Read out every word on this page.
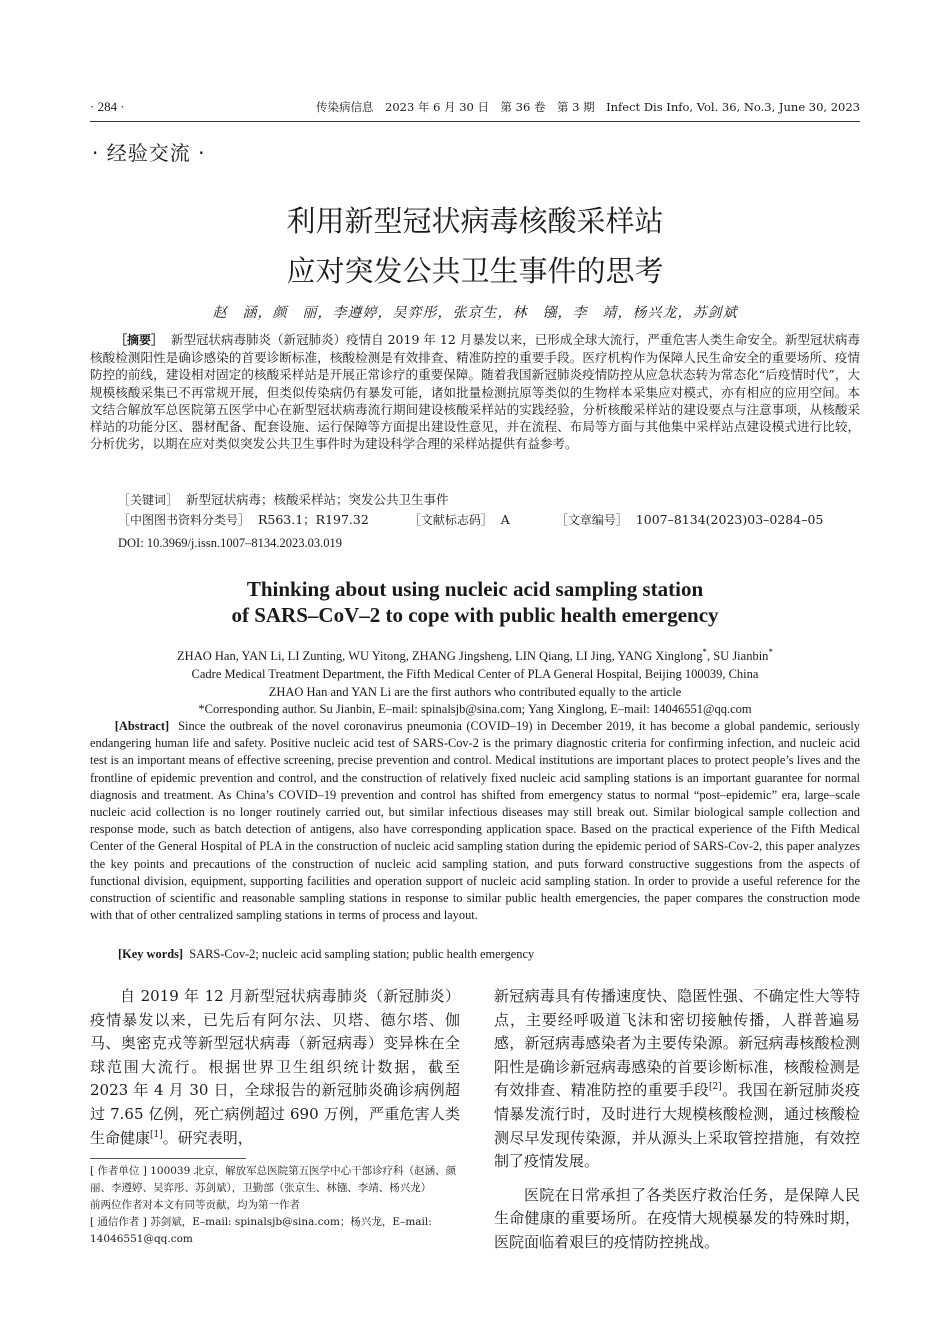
· 284 ·	传染病信息　2023 年 6 月 30 日　第 36 卷　第 3 期　Infect Dis Info, Vol. 36, No.3, June 30, 2023
· 经验交流 ·
利用新型冠状病毒核酸采样站
应对突发公共卫生事件的思考
赵　涵，颜　丽，李遵婷，吴弈彤，张京生，林　镪，李　靖，杨兴龙，苏剑斌

［摘要］ 新型冠状病毒肺炎（新冠肺炎）疫情自 2019 年 12 月暴发以来，已形成全球大流行，严重危害人类生命安全。新型冠状病毒核酸检测阳性是确诊感染的首要诊断标准，核酸检测是有效排查、精准防控的重要手段。医疗机构作为保障人民生命安全的重要场所、疫情防控的前线，建设相对固定的核酸采样站是开展正常诊疗的重要保障。随着我国新冠肺炎疫情防控从应急状态转为常态化“后疫情时代”，大规模核酸采集已不再常规开展，但类似传染病仍有暴发可能，诸如批量检测抗原等类似的生物样本采集应对模式，亦有相应的应用空间。本文结合解放军总医院第五医学中心在新型冠状病毒流行期间建设核酸采样站的实践经验，分析核酸采样站的建设要点与注意事项，从核酸采样站的功能分区、器材配备、配套设施、运行保障等方面提出建设性意见，并在流程、布局等方面与其他集中采样站点建设模式进行比较，分析优劣，以期在应对类似突发公共卫生事件时为建设科学合理的采样站提供有益参考。

［关键词］ 新型冠状病毒；核酸采样站；突发公共卫生事件
［中图图书资料分类号］ R563.1；R197.32	［文献标志码］ A	［文章编号］ 1007–8134(2023)03–0284–05
DOI: 10.3969/j.issn.1007–8134.2023.03.019
Thinking about using nucleic acid sampling station
of SARS–CoV–2 to cope with public health emergency
ZHAO Han, YAN Li, LI Zunting, WU Yitong, ZHANG Jingsheng, LIN Qiang, LI Jing, YANG Xinglong*, SU Jianbin*
Cadre Medical Treatment Department, the Fifth Medical Center of PLA General Hospital, Beijing 100039, China
ZHAO Han and YAN Li are the first authors who contributed equally to the article
*Corresponding author. Su Jianbin, E–mail: spinalsjb@sina.com; Yang Xinglong, E–mail: 14046551@qq.com

[Abstract] Since the outbreak of the novel coronavirus pneumonia (COVID–19) in December 2019, it has become a global pandemic, seriously endangering human life and safety. Positive nucleic acid test of SARS-Cov-2 is the primary diagnostic criteria for confirming infection, and nucleic acid test is an important means of effective screening, precise prevention and control. Medical institutions are important places to protect people’s lives and the frontline of epidemic prevention and control, and the construction of relatively fixed nucleic acid sampling stations is an important guarantee for normal diagnosis and treatment. As China’s COVID–19 prevention and control has shifted from emergency status to normal “post–epidemic” era, large–scale nucleic acid collection is no longer routinely carried out, but similar infectious diseases may still break out. Similar biological sample collection and response mode, such as batch detection of antigens, also have corresponding application space. Based on the practical experience of the Fifth Medical Center of the General Hospital of PLA in the construction of nucleic acid sampling station during the epidemic period of SARS-Cov-2, this paper analyzes the key points and precautions of the construction of nucleic acid sampling station, and puts forward constructive suggestions from the aspects of functional division, equipment, supporting facilities and operation support of nucleic acid sampling station. In order to provide a useful reference for the construction of scientific and reasonable sampling stations in response to similar public health emergencies, the paper compares the construction mode with that of other centralized sampling stations in terms of process and layout.

[Key words] SARS-Cov-2; nucleic acid sampling station; public health emergency

自 2019 年 12 月新型冠状病毒肺炎（新冠肺炎）疫情暴发以来，已先后有阿尔法、贝塔、德尔塔、伽马、奥密克戎等新型冠状病毒（新冠病毒）变异株在全球范围大流行。根据世界卫生组织统计数据，截至 2023 年 4 月 30 日，全球报告的新冠肺炎确诊病例超过 7.65 亿例，死亡病例超过 690 万例，严重危害人类生命健康[1]。研究表明，

[ 作者单位 ] 100039 北京，解放军总医院第五医学中心干部诊疗科（赵涵、颜丽、李遵婷、吴弈彤、苏剑斌），卫勤部（张京生、林镪、李靖、杨兴龙）
前两位作者对本文有同等贡献，均为第一作者
[ 通信作者 ] 苏剑斌，E–mail: spinalsjb@sina.com；杨兴龙，E–mail: 14046551@qq.com

新冠病毒具有传播速度快、隐匿性强、不确定性大等特点，主要经呼吸道飞沫和密切接触传播，人群普遍易感，新冠病毒感染者为主要传染源。新冠病毒核酸检测阳性是确诊新冠病毒感染的首要诊断标准，核酸检测是有效排查、精准防控的重要手段[2]。我国在新冠肺炎疫情暴发流行时，及时进行大规模核酸检测，通过核酸检测尽早发现传染源，并从源头上采取管控措施，有效控制了疫情发展。

医院在日常承担了各类医疗救治任务，是保障人民生命健康的重要场所。在疫情大规模暴发的特殊时期，医院面临着艰巨的疫情防控挑战。
